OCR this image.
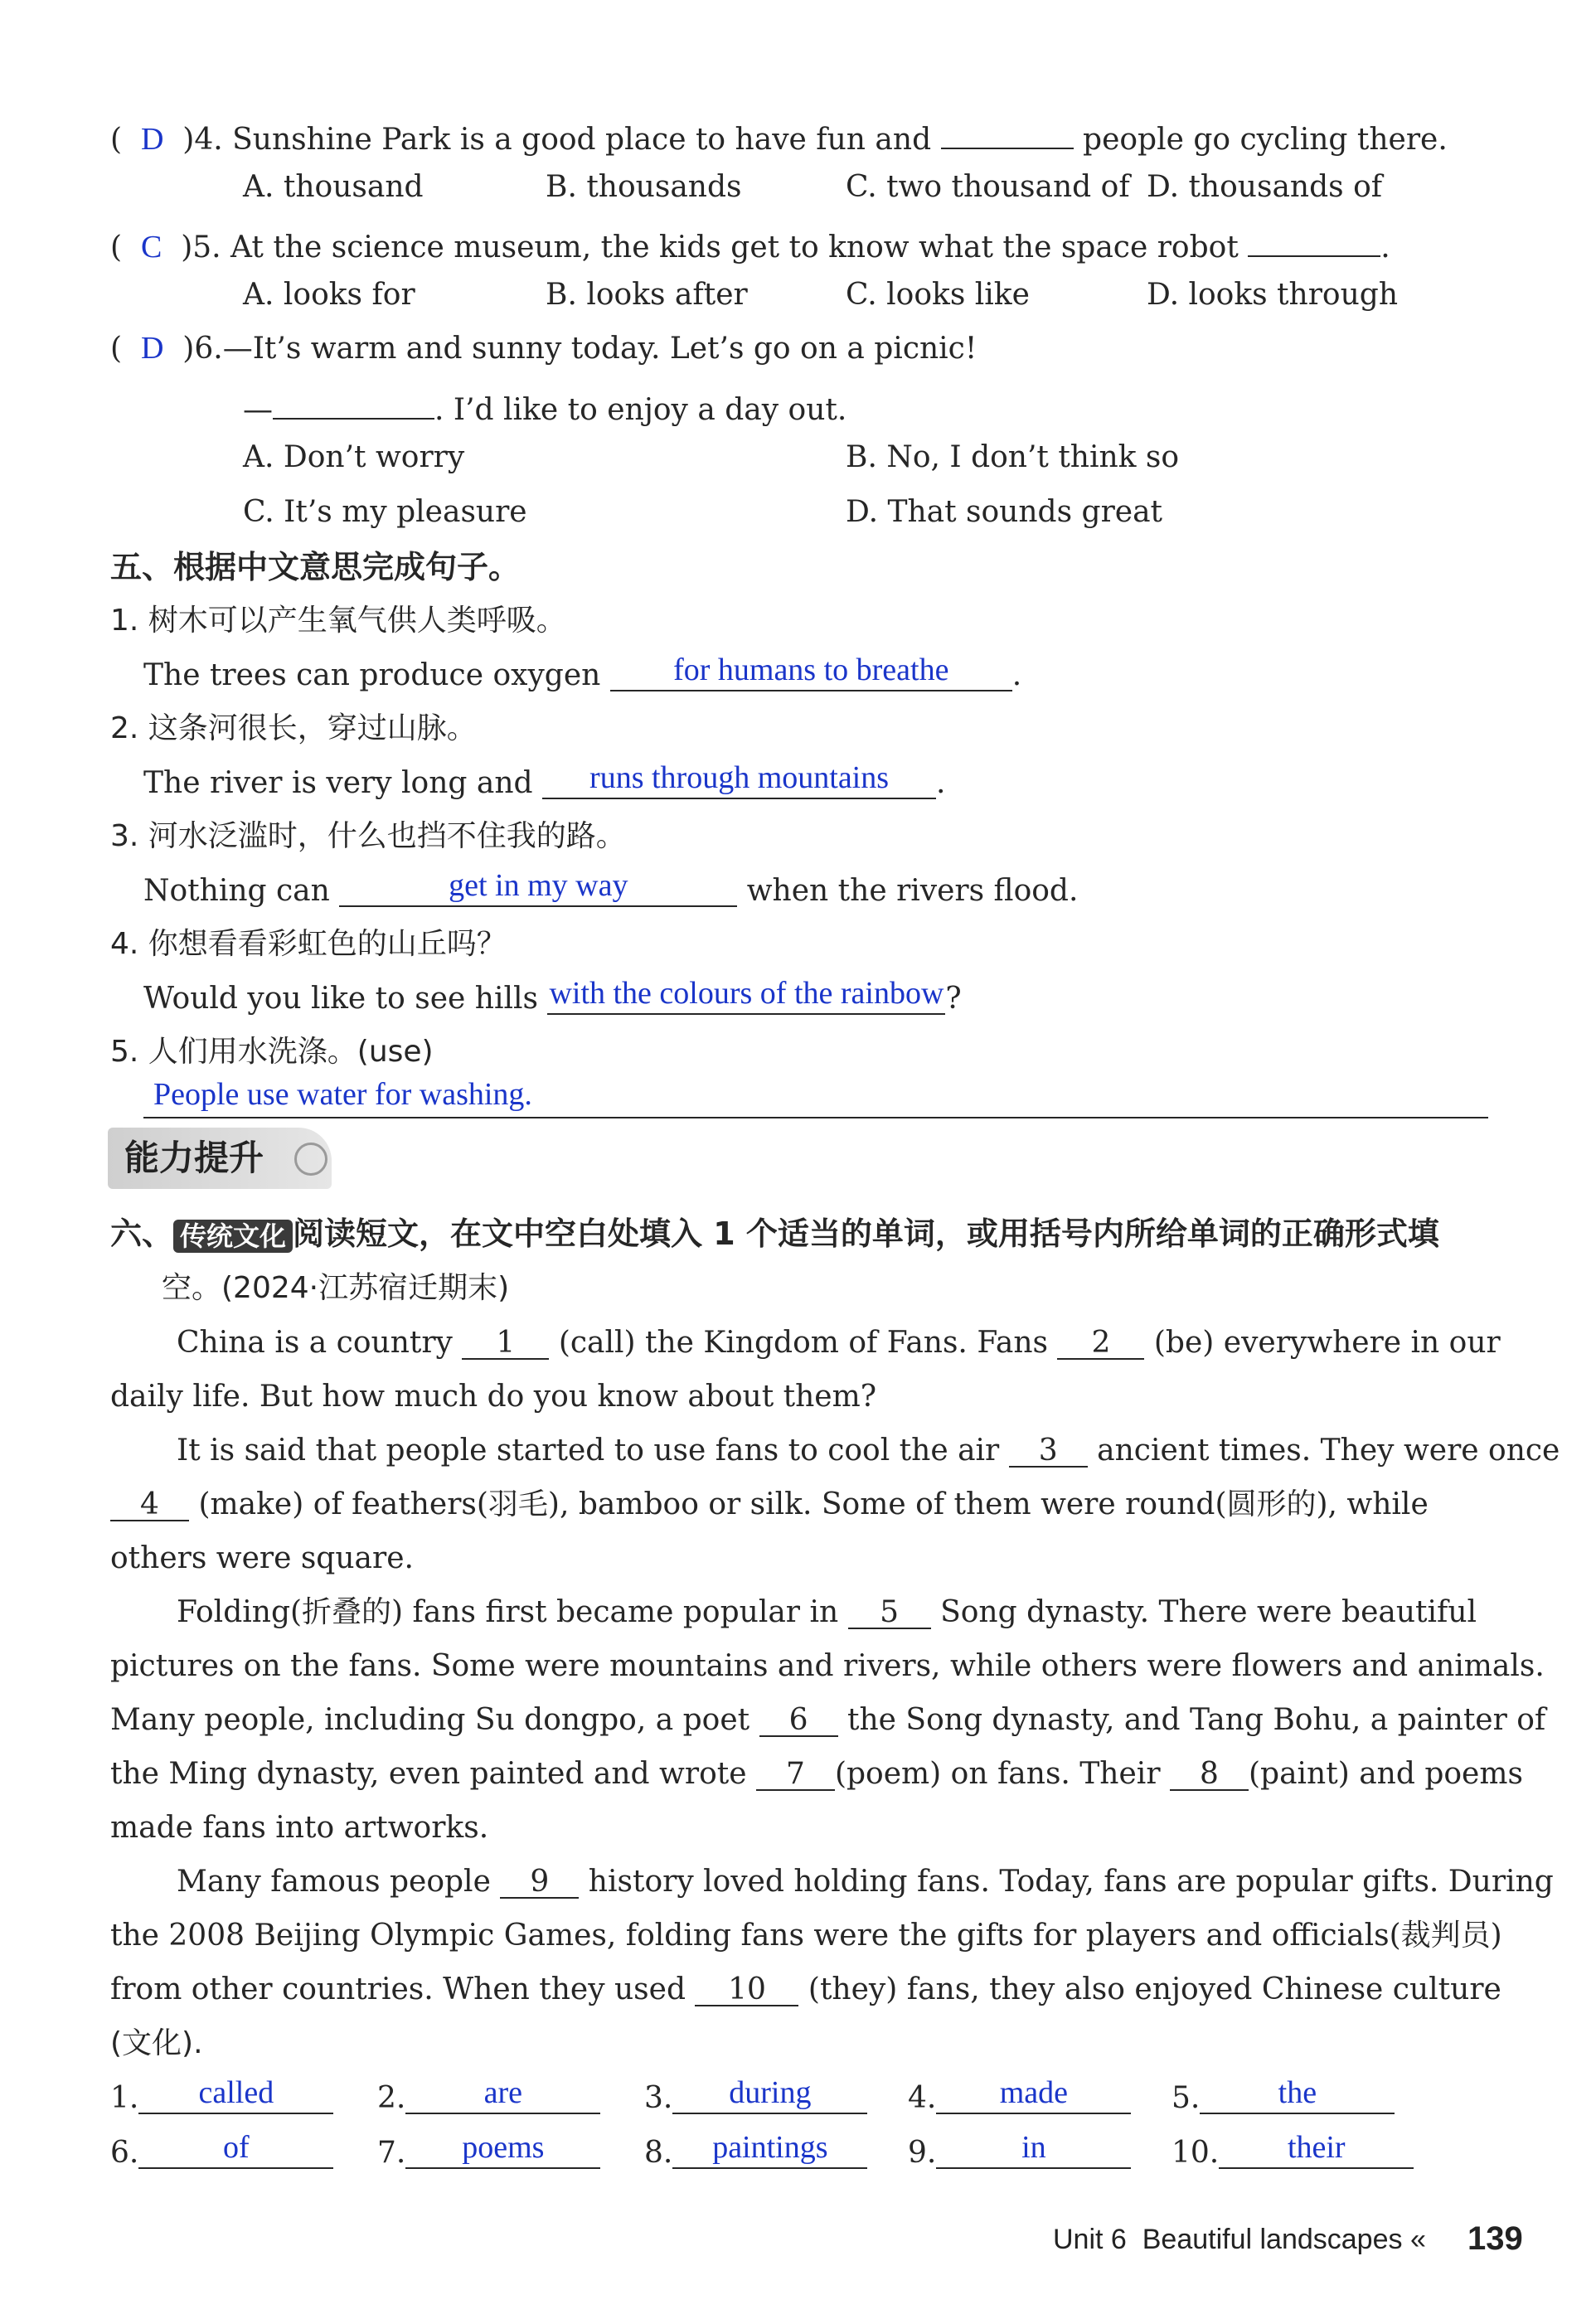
( D )4. Sunshine Park is a good place to have fun and	people go cycling there.
A. thousand	B. thousands	C. two thousand of D. thousands of
( C )5. At the science museum, the kids get to know what the space robot	.
A. looks for	B. looks after	C. looks like	D. looks through
( D )6.—It’s warm and sunny today. Let’s go on a picnic!
—	. I’d like to enjoy a day out.
A. Don’t worry	B. No, I don’t think so
C. It’s my pleasure	D. That sounds great
五、根据中文意思完成句子。
1. 树木可以产生氧气供人类呼吸。
The trees can produce oxygen for humans to breathe .
2. 这条河很长，穿过山脉。
The river is very long and runs through mountains .
3. 河水泛滥时，什么也挡不住我的路。
Nothing can	get in my way	when the rivers flood.
4. 你想看看彩虹色的山丘吗？
Would you like to see hills with the colours of the rainbow?
5. 人们用水洗涤。(use)
People use water for washing.
能力提升
六、 传统文化 阅读短文，在文中空白处填入 1 个适当的单词，或用括号内所给单词的正确形式填
空。(2024·江苏宿迁期末)
China is a country 1 (call) the Kingdom of Fans. Fans 2 (be) everywhere in our
daily life. But how much do you know about them?
It is said that people started to use fans to cool the air 3 ancient times. They were once
4 (make) of feathers(羽毛), bamboo or silk. Some of them were round(圆形的), while
others were square.
Folding(折叠的) fans first became popular in 5 Song dynasty. There were beautiful
pictures on the fans. Some were mountains and rivers, while others were flowers and animals.
Many people, including Su dongpo, a poet 6 the Song dynasty, and Tang Bohu, a painter of
the Ming dynasty, even painted and wrote 7 (poem) on fans. Their 8 (paint) and poems
made fans into artworks.
Many famous people 9 history loved holding fans. Today, fans are popular gifts. During
the 2008 Beijing Olympic Games, folding fans were the gifts for players and officials(裁判员)
from other countries. When they used 10 (they) fans, they also enjoyed Chinese culture
(文化).
1. called	2. are	3. during	4. made	5. the
6.	of	7. poems	8. paintings	9.	in	10. their
Unit 6 Beautiful landscapes « 139
